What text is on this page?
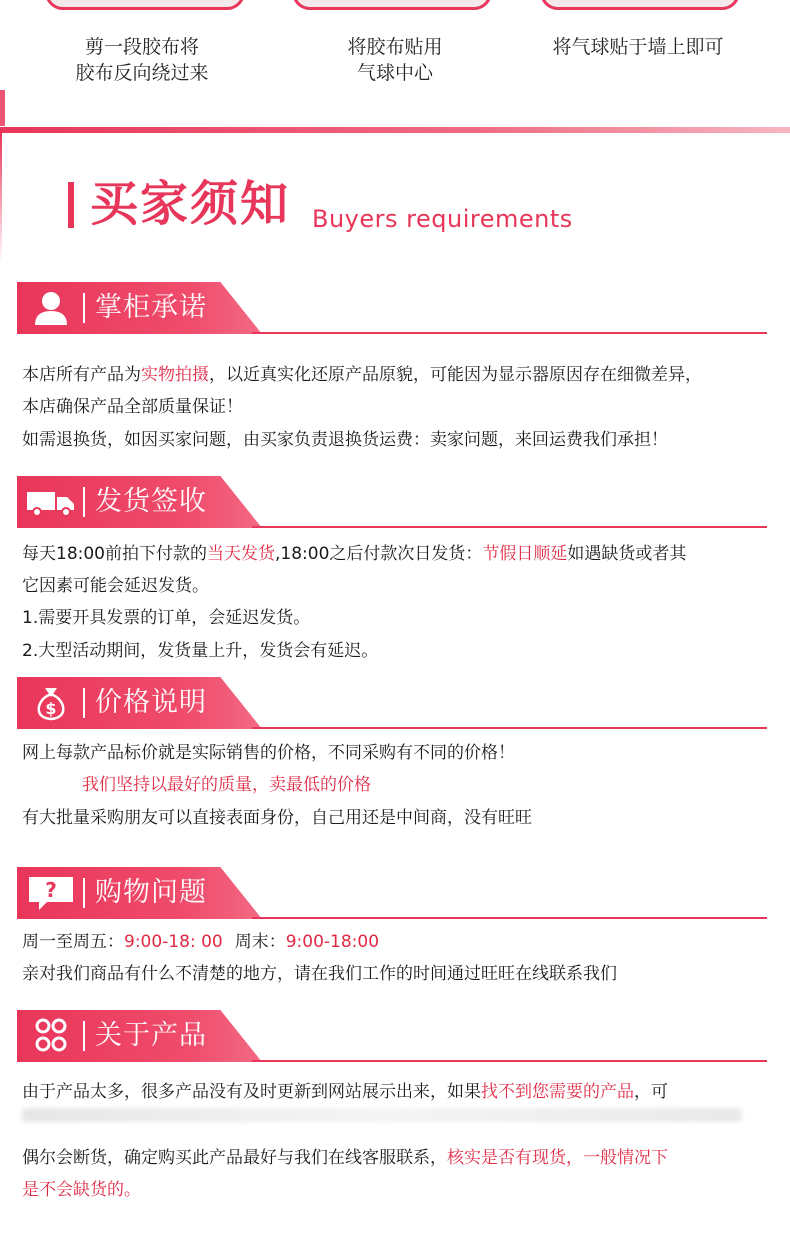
剪一段胶布将
胶布反向绕过来
将胶布贴用
气球中心
将气球贴于墙上即可
买家须知 Buyers requirements
掌柜承诺
本店所有产品为实物拍摄，以近真实化还原产品原貌，可能因为显示器原因存在细微差异，
本店确保产品全部质量保证！
如需退换货，如因买家问题，由买家负责退换货运费：卖家问题，来回运费我们承担！
发货签收
每天18:00前拍下付款的当天发货,18:00之后付款次日发货：节假日顺延如遇缺货或者其
它因素可能会延迟发货。
1.需要开具发票的订单，会延迟发货。
2.大型活动期间，发货量上升，发货会有延迟。
$ 价格说明
网上每款产品标价就是实际销售的价格，不同采购有不同的价格！
我们坚持以最好的质量，卖最低的价格
有大批量采购朋友可以直接表面身份，自己用还是中间商，没有旺旺
? 购物问题
周一至周五：9:00-18: 00 周末：9:00-18:00
亲对我们商品有什么不清楚的地方，请在我们工作的时间通过旺旺在线联系我们
关于产品
由于产品太多，很多产品没有及时更新到网站展示出来，如果找不到您需要的产品，可
偶尔会断货，确定购买此产品最好与我们在线客服联系，核实是否有现货，一般情况下
是不会缺货的。
